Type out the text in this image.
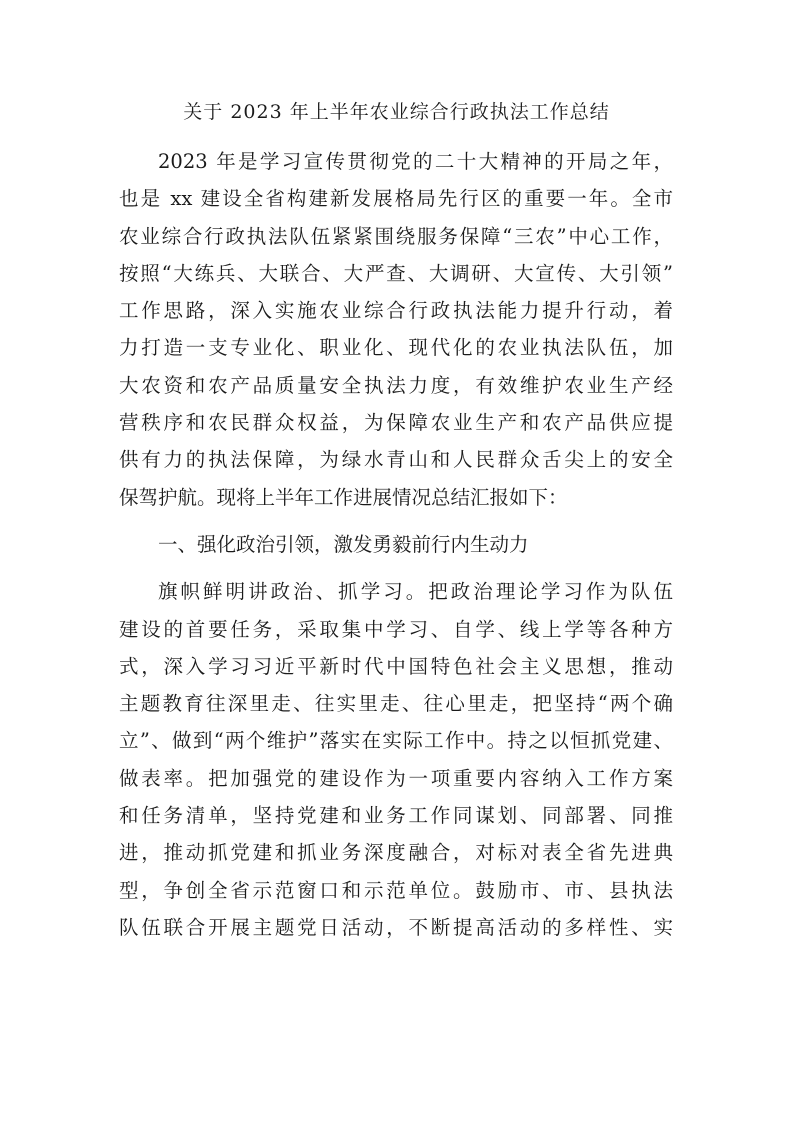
关于 2023 年上半年农业综合行政执法工作总结
2023 年是学习宣传贯彻党的二十大精神的开局之年，
也是 xx 建设全省构建新发展格局先行区的重要一年。全市
农业综合行政执法队伍紧紧围绕服务保障“三农”中心工作，
按照“大练兵、大联合、大严查、大调研、大宣传、大引领”
工作思路，深入实施农业综合行政执法能力提升行动，着
力打造一支专业化、职业化、现代化的农业执法队伍，加
大农资和农产品质量安全执法力度，有效维护农业生产经
营秩序和农民群众权益，为保障农业生产和农产品供应提
供有力的执法保障，为绿水青山和人民群众舌尖上的安全
保驾护航。现将上半年工作进展情况总结汇报如下：
一、强化政治引领，激发勇毅前行内生动力
旗帜鲜明讲政治、抓学习。把政治理论学习作为队伍
建设的首要任务，采取集中学习、自学、线上学等各种方
式，深入学习习近平新时代中国特色社会主义思想，推动
主题教育往深里走、往实里走、往心里走，把坚持“两个确
立”、做到“两个维护”落实在实际工作中。持之以恒抓党建、
做表率。把加强党的建设作为一项重要内容纳入工作方案
和任务清单，坚持党建和业务工作同谋划、同部署、同推
进，推动抓党建和抓业务深度融合，对标对表全省先进典
型，争创全省示范窗口和示范单位。鼓励市、市、县执法
队伍联合开展主题党日活动，不断提高活动的多样性、实
